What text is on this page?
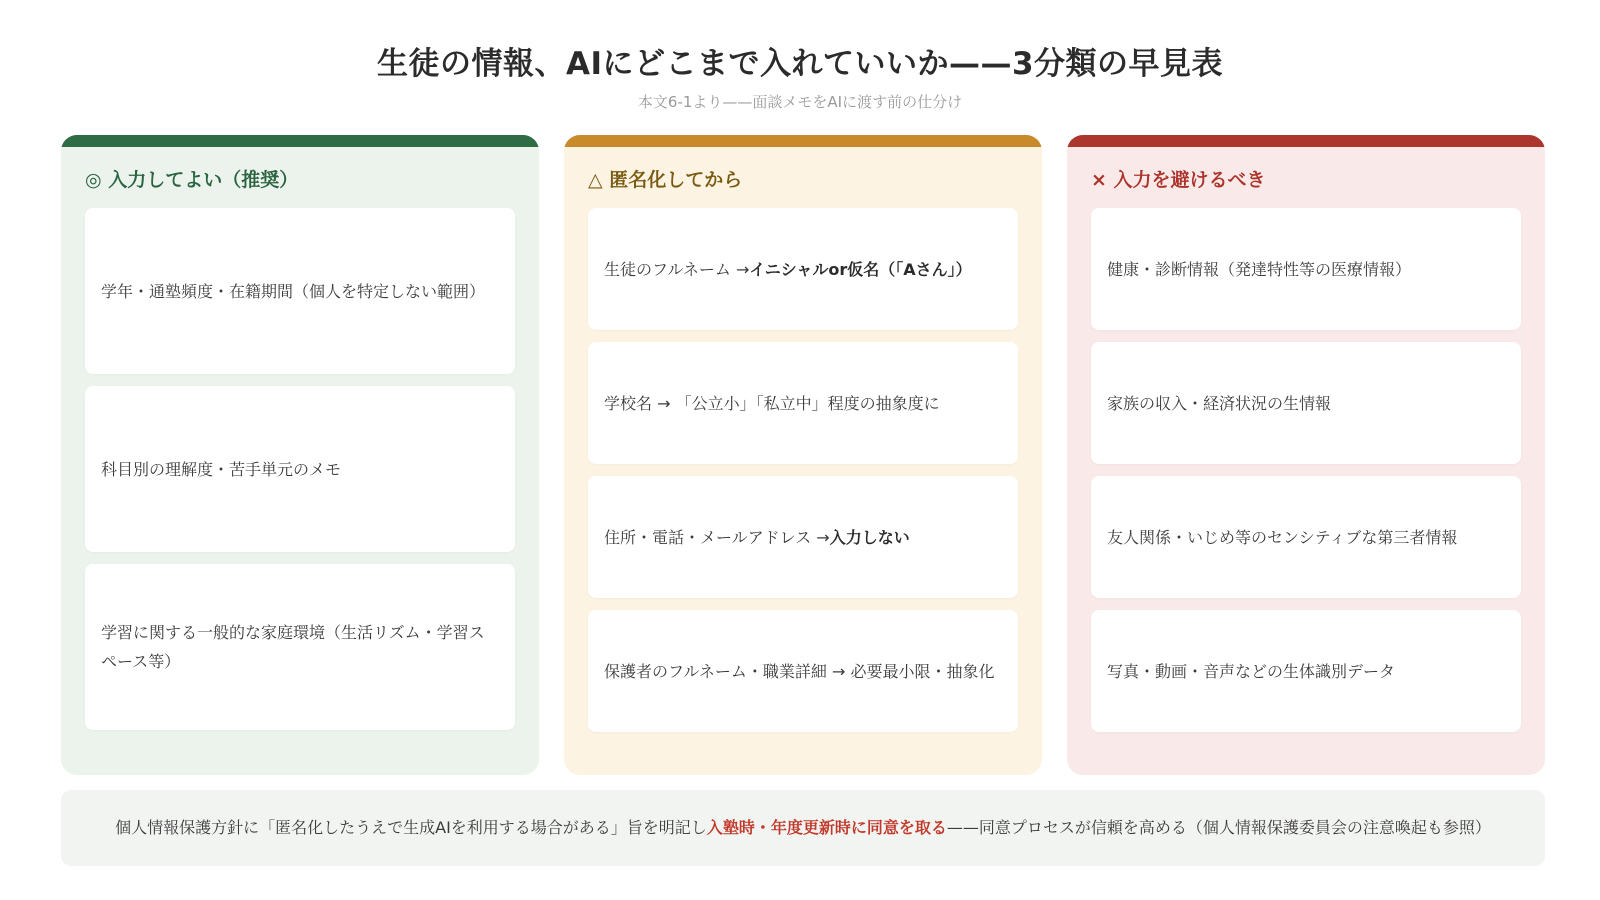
生徒の情報、AIにどこまで入れていいか——3分類の早見表
本文6-1より——面談メモをAIに渡す前の仕分け
◎ 入力してよい（推奨）
学年・通塾頻度・在籍期間（個人を特定しない範囲）
科目別の理解度・苦手単元のメモ
学習に関する一般的な家庭環境（生活リズム・学習スペース等）
△ 匿名化してから
生徒のフルネーム →イニシャルor仮名（「Aさん」）
学校名 → 「公立小」「私立中」程度の抽象度に
住所・電話・メールアドレス →入力しない
保護者のフルネーム・職業詳細 → 必要最小限・抽象化
× 入力を避けるべき
健康・診断情報（発達特性等の医療情報）
家族の収入・経済状況の生情報
友人関係・いじめ等のセンシティブな第三者情報
写真・動画・音声などの生体識別データ
個人情報保護方針に「匿名化したうえで生成AIを利用する場合がある」旨を明記し入塾時・年度更新時に同意を取る——同意プロセスが信頼を高める（個人情報保護委員会の注意喚起も参照）
